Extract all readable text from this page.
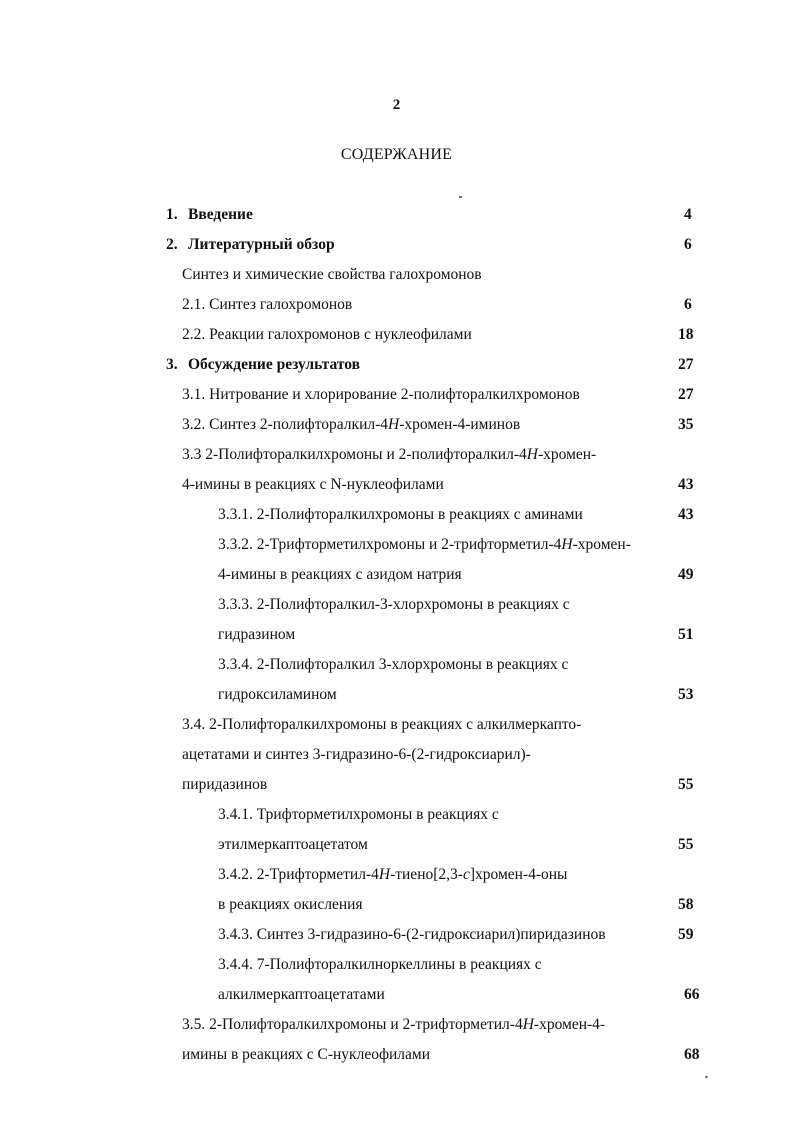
2
СОДЕРЖАНИЕ
1. Введение	4
2. Литературный обзор	6
Синтез и химические свойства галохромонов
2.1. Синтез галохромонов	6
2.2. Реакции галохромонов с нуклеофилами	18
3. Обсуждение результатов	27
3.1. Нитрование и хлорирование 2-полифторалкилхромонов	27
3.2. Синтез 2-полифторалкил-4H-хромен-4-иминов	35
3.3 2-Полифторалкилхромоны и 2-полифторалкил-4H-хромен-
4-имины в реакциях с N-нуклеофилами	43
3.3.1. 2-Полифторалкилхромоны в реакциях с аминами	43
3.3.2. 2-Трифторметилхромоны и 2-трифторметил-4H-хромен-
4-имины в реакциях с азидом натрия	49
3.3.3. 2-Полифторалкил-3-хлорхромоны в реакциях с
гидразином	51
3.3.4. 2-Полифторалкил 3-хлорхромоны в реакциях с
гидроксиламином	53
3.4. 2-Полифторалкилхромоны в реакциях с алкилмеркапто-
ацетатами и синтез 3-гидразино-6-(2-гидроксиарил)-
пиридазинов	55
3.4.1. Трифторметилхромоны в реакциях с
этилмеркаптоацетатом	55
3.4.2. 2-Трифторметил-4H-тиено[2,3-c]хромен-4-оны
в реакциях окисления	58
3.4.3. Синтез 3-гидразино-6-(2-гидроксиарил)пиридазинов	59
3.4.4. 7-Полифторалкилноркеллины в реакциях с
алкилмеркаптоацетатами	66
3.5. 2-Полифторалкилхромоны и 2-трифторметил-4H-хромен-4-
имины в реакциях с С-нуклеофилами	68
